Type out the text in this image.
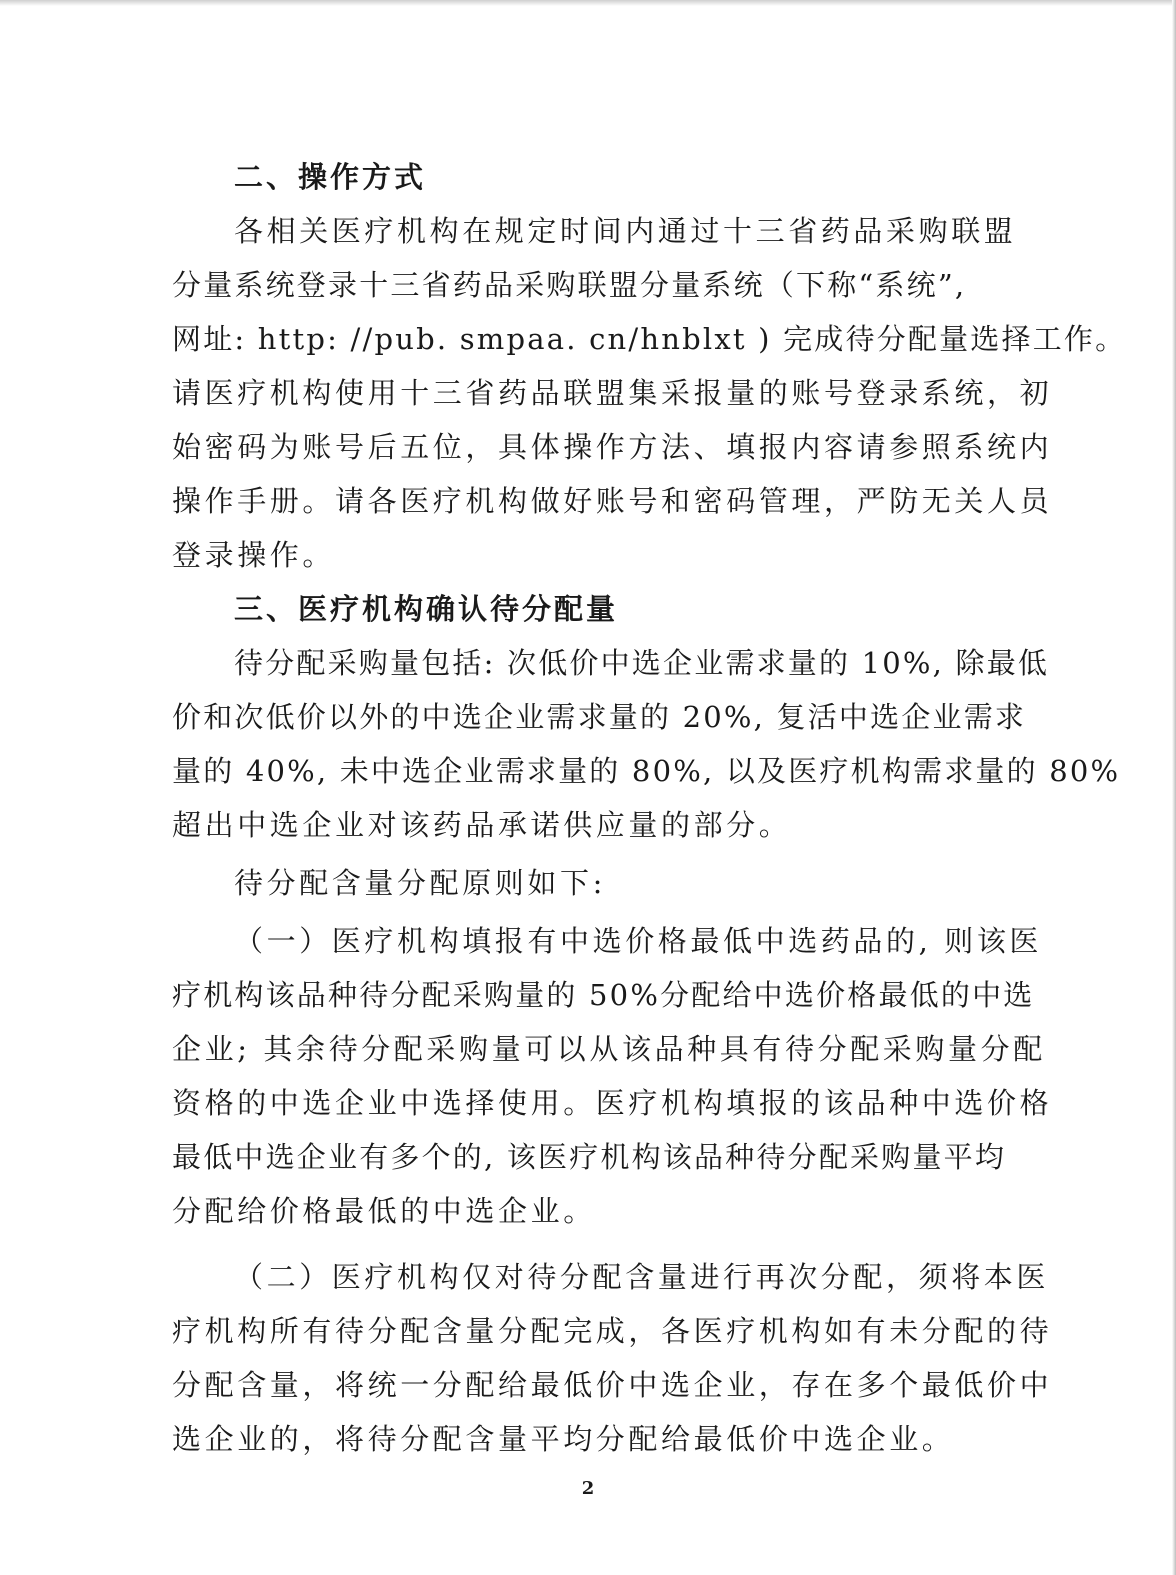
二、操作方式
各相关医疗机构在规定时间内通过十三省药品采购联盟
分量系统登录十三省药品采购联盟分量系统（下称“系统”,
网址: http: //pub. smpaa. cn/hnblxt ) 完成待分配量选择工作。
请医疗机构使用十三省药品联盟集采报量的账号登录系统，初
始密码为账号后五位，具体操作方法、填报内容请参照系统内
操作手册。请各医疗机构做好账号和密码管理，严防无关人员
登录操作。
三、医疗机构确认待分配量
待分配采购量包括: 次低价中选企业需求量的 10%, 除最低
价和次低价以外的中选企业需求量的 20%, 复活中选企业需求
量的 40%, 未中选企业需求量的 80%, 以及医疗机构需求量的 80%
超出中选企业对该药品承诺供应量的部分。
待分配含量分配原则如下:
（一）医疗机构填报有中选价格最低中选药品的, 则该医
疗机构该品种待分配采购量的 50%分配给中选价格最低的中选
企业; 其余待分配采购量可以从该品种具有待分配采购量分配
资格的中选企业中选择使用。医疗机构填报的该品种中选价格
最低中选企业有多个的, 该医疗机构该品种待分配采购量平均
分配给价格最低的中选企业。
（二）医疗机构仅对待分配含量进行再次分配，须将本医
疗机构所有待分配含量分配完成，各医疗机构如有未分配的待
分配含量，将统一分配给最低价中选企业，存在多个最低价中
选企业的，将待分配含量平均分配给最低价中选企业。
2
